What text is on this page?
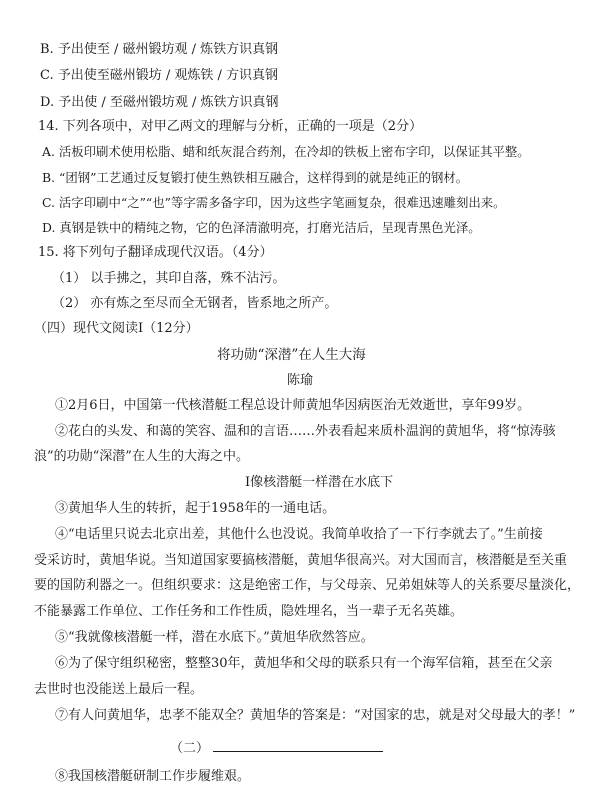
B. 予出使至 / 磁州锻坊观 / 炼铁方识真钢
C. 予出使至磁州锻坊 / 观炼铁 / 方识真钢
D. 予出使 / 至磁州锻坊观 / 炼铁方识真钢
14. 下列各项中，对甲乙两文的理解与分析，正确的一项是（2分）
A. 活板印刷术使用松脂、蜡和纸灰混合药剂，在冷却的铁板上密布字印，以保证其平整。
B. “团钢”工艺通过反复锻打使生熟铁相互融合，这样得到的就是纯正的钢材。
C. 活字印刷中“之”“也”等字需多备字印，因为这些字笔画复杂，很难迅速雕刻出来。
D. 真钢是铁中的精纯之物，它的色泽清澈明亮，打磨光洁后，呈现青黑色光泽。
15. 将下列句子翻译成现代汉语。（4分）
（1） 以手拂之，其印自落，殊不沾污。
（2） 亦有炼之至尽而全无钢者，皆系地之所产。
（四）现代文阅读Ⅰ（12分）
将功勋“深潜”在人生大海
陈瑜
①2月6日，中国第一代核潜艇工程总设计师黄旭华因病医治无效逝世，享年99岁。
②花白的头发、和蔼的笑容、温和的言语……外表看起来质朴温润的黄旭华，将“惊涛骇
浪”的功勋“深潜”在人生的大海之中。
Ⅰ像核潜艇一样潜在水底下
③黄旭华人生的转折，起于1958年的一通电话。
④“电话里只说去北京出差，其他什么也没说。我简单收拾了一下行李就去了。”生前接
受采访时，黄旭华说。当知道国家要搞核潜艇，黄旭华很高兴。对大国而言，核潜艇是至关重
要的国防利器之一。但组织要求：这是绝密工作，与父母亲、兄弟姐妹等人的关系要尽量淡化，
不能暴露工作单位、工作任务和工作性质，隐姓埋名，当一辈子无名英雄。
⑤“我就像核潜艇一样，潜在水底下。”黄旭华欣然答应。
⑥为了保守组织秘密，整整30年，黄旭华和父母的联系只有一个海军信箱，甚至在父亲
去世时也没能送上最后一程。
⑦有人问黄旭华，忠孝不能双全？黄旭华的答案是：“对国家的忠，就是对父母最大的孝！”
（二）
⑧我国核潜艇研制工作步履维艰。
